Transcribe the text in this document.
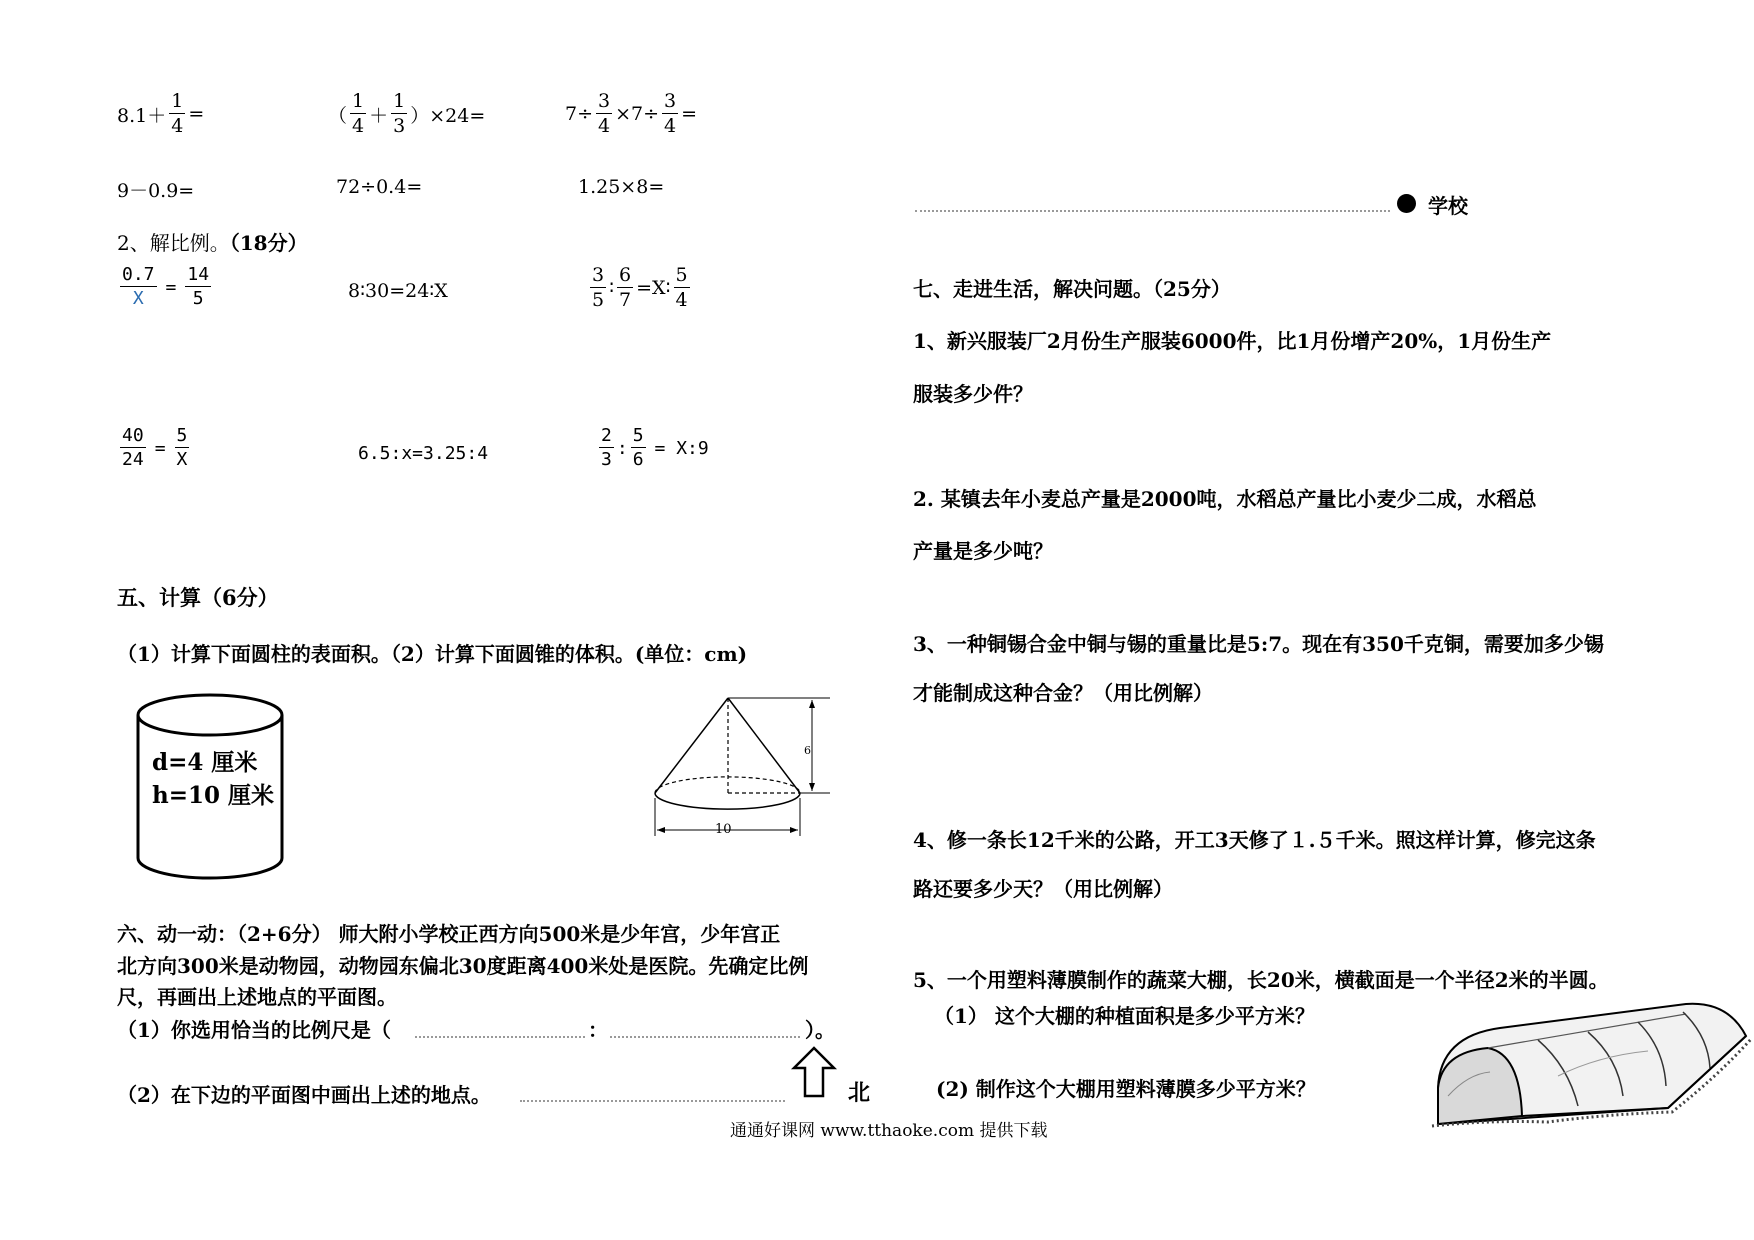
$8.1+ \frac{1}{4}$ =	（ $\frac{1}{4} + \frac{1}{3} )\times 24=$	$7\div \frac{3}{4} \times 7\div \frac{3}{4}$ =
9－0.9=	72÷0.4=	1.25×8=
2、解比例。（18分）
$\frac{0.7}{X} = \frac{14}{5}$	8∶30=24∶X	$\frac{3}{5}$ ∶ $\frac{6}{7}$ =X∶ $\frac{5}{4}$
$\frac{40}{24} = \frac{5}{X}$	6.5:x=3.25:4	$\frac{2}{3}$ : $\frac{5}{6}$ = X:9
五、计算（6分）
（1）计算下面圆柱的表面积。（2）计算下面圆锥的体积。(单位：cm)
d=4 厘米
h=10 厘米
6
10
六、动一动：（2+6分） 师大附小学校正西方向500米是少年宫，少年宫正
北方向300米是动物园，动物园东偏北30度距离400米处是医院。先确定比例
尺，再画出上述地点的平面图。
（1）你选用恰当的比例尺是（	：	）。
（2）在下边的平面图中画出上述的地点。	北
学校
七、走进生活，解决问题。（25分）
1、新兴服装厂2月份生产服装6000件，比1月份增产20%，1月份生产
服装多少件？
2. 某镇去年小麦总产量是2000吨，水稻总产量比小麦少二成，水稻总
产量是多少吨？
3、一种铜锡合金中铜与锡的重量比是5:7。现在有350千克铜，需要加多少锡
才能制成这种合金？（用比例解）
4、修一条长12千米的公路，开工3天修了１.５千米。照这样计算，修完这条
路还要多少天？（用比例解）
5、一个用塑料薄膜制作的蔬菜大棚，长20米，横截面是一个半径2米的半圆。
（1） 这个大棚的种植面积是多少平方米？
(2) 制作这个大棚用塑料薄膜多少平方米？
通通好课网 www.tthaoke.com 提供下载
